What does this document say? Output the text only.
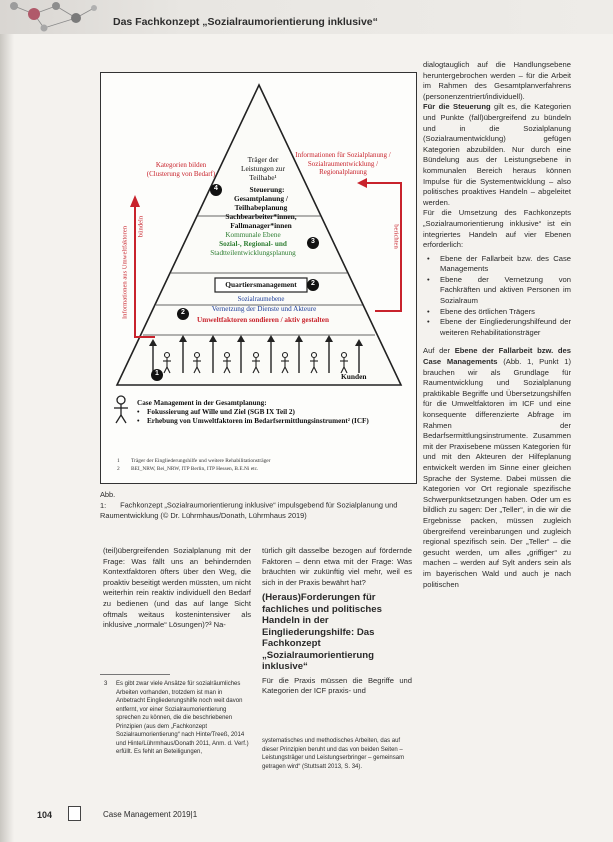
Das Fachkonzept „Sozialraumorientierung inklusive“
Träger der Leistungen zur Teilhabe¹
Kategorien bilden (Clusterung von Bedarf)
Informationen für Sozialplanung / Sozialraumentwicklung / Regionalplanung
Informationen aus Umweltfaktoren bündeln	berichten
4	Steuerung:
Gesamtplanung /
Teilhabeplanung
Sachbearbeiter*innen,
Fallmanager*innen
3
Kommunale Ebene
Sozial-, Regional- und
Stadtteilentwicklungsplanung
Quartiersmanagement	2
Sozialraumebene
Vernetzung der Dienste und Akteure
Umweltfaktoren sondieren / aktiv gestalten
2
1	Kunden
Case Management in der Gesamtplanung:
• Fokussierung auf Wille und Ziel (SGB IX Teil 2)
• Erhebung von Umweltfaktoren im Bedarfsermittlungsinstrument² (ICF)
1 Träger der Eingliederungshilfe und weitere Rehabilitationsträger
2 BEI_NRW, Bei_NRW, ITP Berlin, ITP Hessen, B.E.Ni etc.
Abb. 1: Fachkonzept „Sozialraumorientierung inklusive“ impulsgebend für Sozialplanung und Raumentwicklung (© Dr. Lührmhaus/Donath, Lührmhaus 2019)

(teil)übergreifenden Sozialplanung mit der Frage: Was fällt uns an behindernden Kontextfaktoren öfters über den Weg, die proaktiv beseitigt werden müssten, um nicht weiterhin rein reaktiv individuell den Bedarf zu bedienen (und das auf lange Sicht oftmals weitaus kostenintensiver als inklusive „normale“ Lösungen)?³ Na-

3 Es gibt zwar viele Ansätze für sozialräumliches Arbeiten vorhanden, trotzdem ist man in Anbetracht Eingliederungshilfe noch weit davon entfernt, vor einer Sozialraumorientierung sprechen zu können, die die beschriebenen Prinzipien (aus dem „Fachkonzept Sozialraumorientierung“ nach Hinte/Treeß, 2014 und Hinte/Lührmhaus/Donath 2011, Anm. d. Verf.) erfüllt. Es fehlt an Beteiligungen,

türlich gilt dasselbe bezogen auf fördernde Faktoren – denn etwa mit der Frage: Was bräuchten wir zukünftig viel mehr, weil es sich in der Praxis bewährt hat?

(Heraus)Forderungen für fachliches und politisches Handeln in der Eingliederungshilfe: Das Fachkonzept „Sozialraumorientierung inklusive“

Für die Praxis müssen die Begriffe und Kategorien der ICF praxis- und

systematisches und methodisches Arbeiten, das auf dieser Prinzipien beruht und das von beiden Seiten – Leistungsträger und Leistungserbringer – gemeinsam getragen wird“ (Stuttsatt 2013, S. 34).

dialogtauglich auf die Handlungsebene heruntergebrochen werden – für die Arbeit im Rahmen des Gesamtplanverfahrens (personenzentriert/individuell).

Für die Steuerung gilt es, die Kategorien und Punkte (fall)übergreifend zu bündeln und in die Sozialplanung (Sozialraumentwicklung) gefügen Kategorien abzubilden. Nur durch eine Bündelung aus der Leistungsebene in kommunalen Bereich heraus können Impulse für die Systementwicklung – also politisches proaktives Handeln – abgeleitet werden.

Für die Umsetzung des Fachkonzepts „Sozialraumorientierung inklusive“ ist ein integriertes Handeln auf vier Ebenen erforderlich:

• Ebene der Fallarbeit bzw. des Case Managements
• Ebene der Vernetzung von Fachkräften und aktiven Personen im Sozialraum
• Ebene des örtlichen Trägers
• Ebene der Eingliederungshilfeund der weiteren Rehabilitationsträger

Auf der Ebene der Fallarbeit bzw. des Case Managements (Abb. 1, Punkt 1) brauchen wir als Grundlage für Raumentwicklung und Sozialplanung praktikable Begriffe und Übersetzungshilfen für die Umweltfaktoren im ICF und eine konsequente differenzierte Abfrage im Rahmen der Bedarfsermittlungsinstrumente. Zusammen mit der Praxisebene müssen Kategorien für und mit den Akteuren der Hilfeplanung entwickelt werden im Sinne einer gleichen Sprache der Systeme. Dabei müssen die Kategorien vor Ort regionale spezifische Schwerpunktsetzungen haben. Oder um es bildlich zu sagen: Der „Teller“, in die wir die Ergebnisse packen, müssen zugleich übergreifend vereinbarungen und zugleich regional spezifisch sein. Der „Teller“ – die gesucht werden, um alles „griffiger“ zu machen – werden auf Sylt anders sein als im bayerischen Wald und auch je nach politischen

104	Case Management 2019|1
